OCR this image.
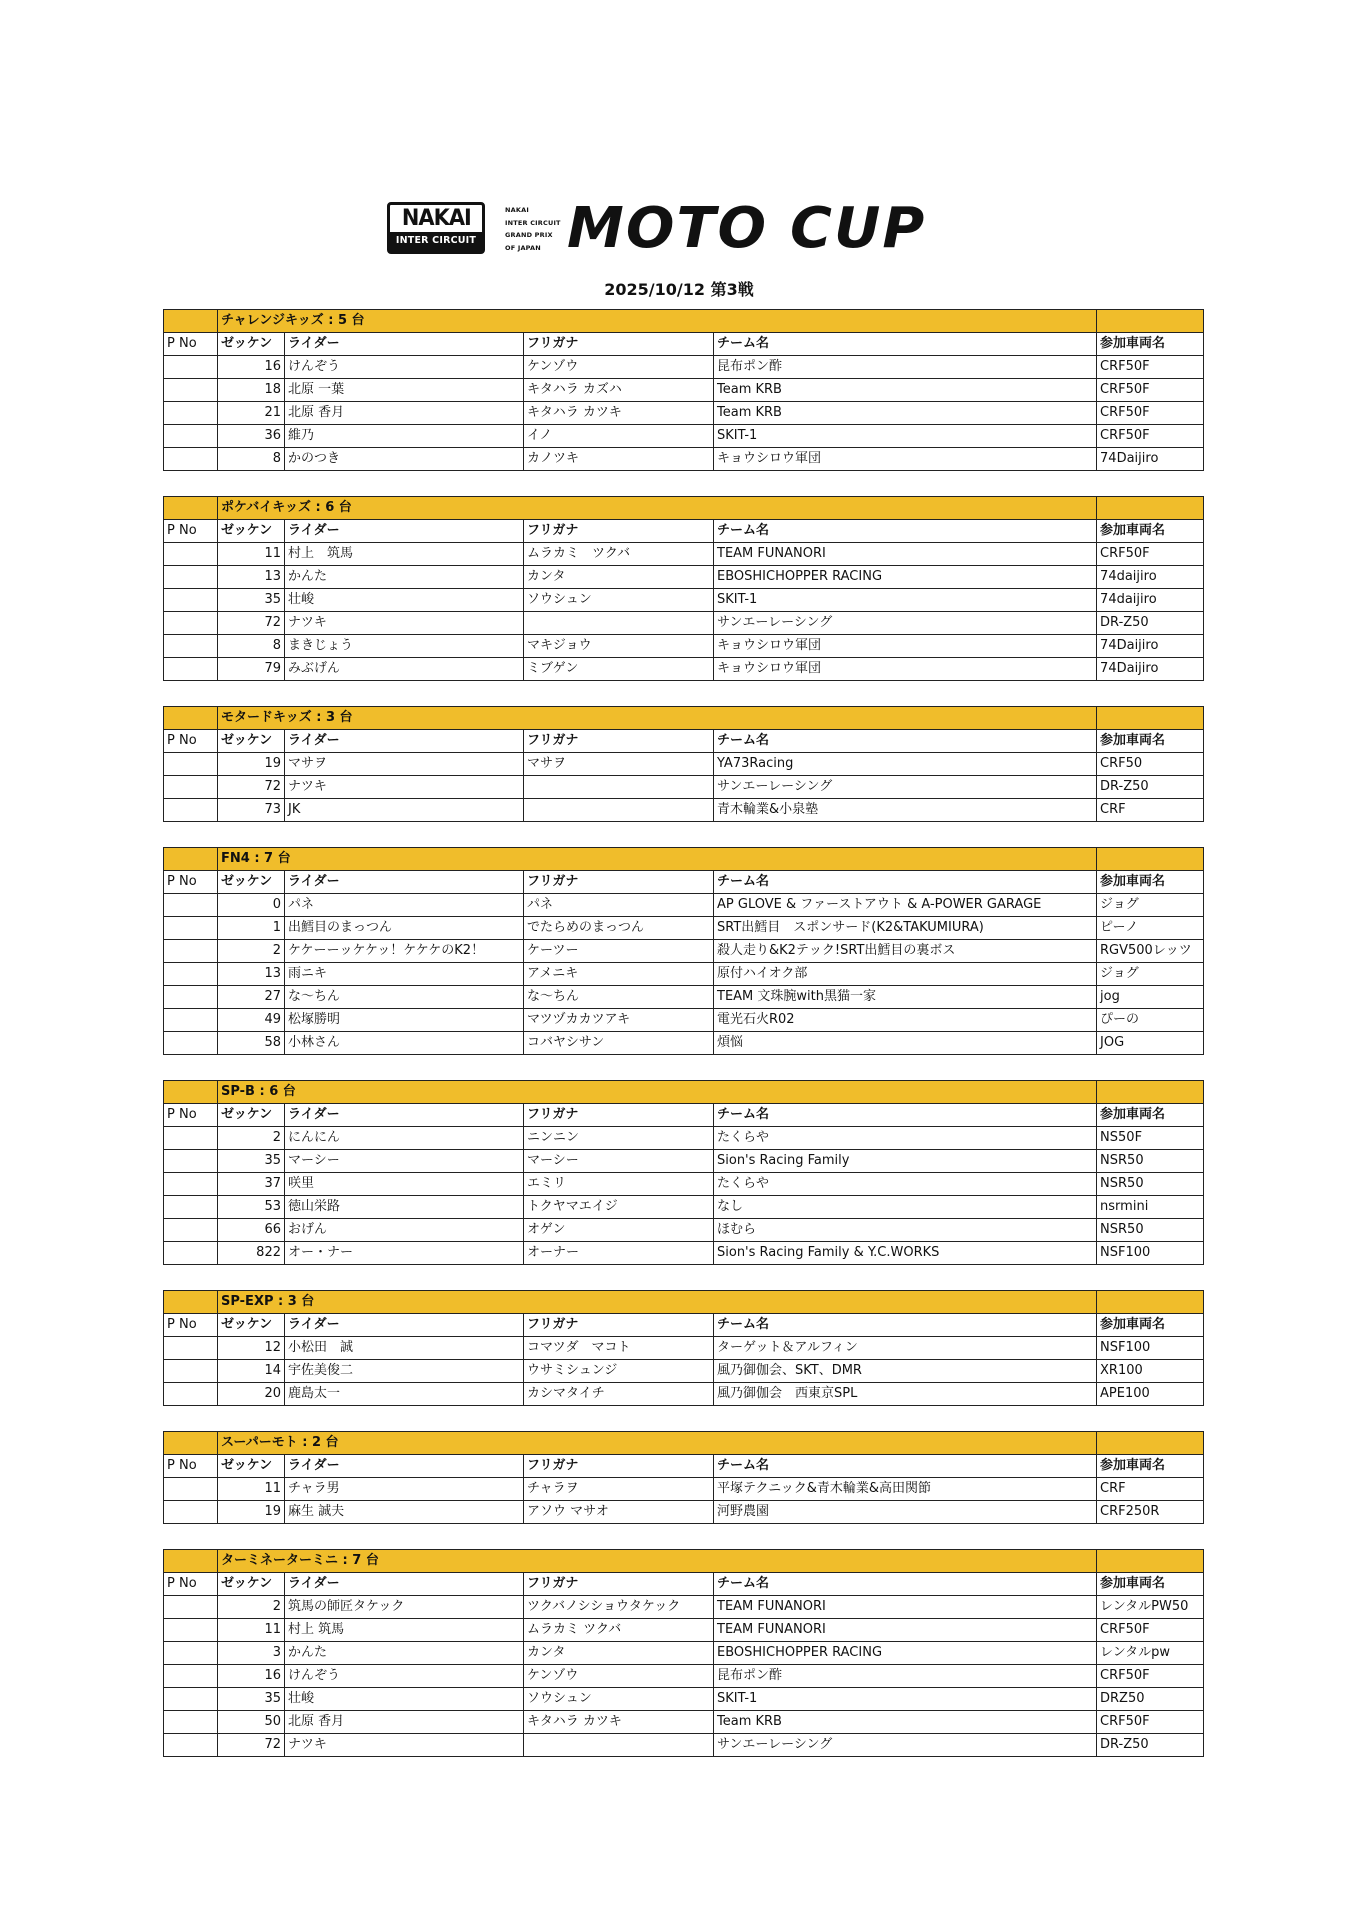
NAKAI
INTER CIRCUIT
NAKAI
INTER CIRCUIT
GRAND PRIX
OF JAPAN MOTO CUP
2025/10/12 第3戦
	チャレンジキッズ : 5 台				
P No	ゼッケン	ライダー	フリガナ	チーム名	参加車両名
	16	けんぞう	ケンゾウ	昆布ポン酢	CRF50F
	18	北原 一葉	キタハラ カズハ	Team KRB	CRF50F
	21	北原 香月	キタハラ カツキ	Team KRB	CRF50F
	36	維乃	イノ	SKIT-1	CRF50F
	8	かのつき	カノツキ	キョウシロウ軍団	74Daijiro
	ポケバイキッズ : 6 台				
P No	ゼッケン	ライダー	フリガナ	チーム名	参加車両名
	11	村上　筑馬	ムラカミ　ツクバ	TEAM FUNANORI	CRF50F
	13	かんた	カンタ	EBOSHICHOPPER RACING	74daijiro
	35	壮峻	ソウシュン	SKIT-1	74daijiro
	72	ナツキ		サンエーレーシング	DR-Z50
	8	まきじょう	マキジョウ	キョウシロウ軍団	74Daijiro
	79	みぶげん	ミブゲン	キョウシロウ軍団	74Daijiro
	モタードキッズ : 3 台				
P No	ゼッケン	ライダー	フリガナ	チーム名	参加車両名
	19	マサヲ	マサヲ	YA73Racing	CRF50
	72	ナツキ		サンエーレーシング	DR-Z50
	73	JK		青木輪業&小泉塾	CRF
	FN4 : 7 台				
P No	ゼッケン	ライダー	フリガナ	チーム名	参加車両名
	0	パネ	パネ	AP GLOVE & ファーストアウト & A-POWER GARAGE	ジョグ
	1	出鱈目のまっつん	でたらめのまっつん	SRT出鱈目　スポンサード(K2&TAKUMIURA)	ピーノ
	2	ケケーーッケケッ！ケケケのK2！	ケーツー	殺人走り&K2テック!SRT出鱈目の裏ボス	RGV500レッツ
	13	雨ニキ	アメニキ	原付ハイオク部	ジョグ
	27	な～ちん	な～ちん	TEAM 文珠腕with黒猫一家	jog
	49	松塚勝明	マツヅカカツアキ	電光石火R02	ぴーの
	58	小林さん	コバヤシサン	煩悩	JOG
	SP-B : 6 台				
P No	ゼッケン	ライダー	フリガナ	チーム名	参加車両名
	2	にんにん	ニンニン	たくらや	NS50F
	35	マーシー	マーシー	Sion's Racing Family	NSR50
	37	咲里	エミリ	たくらや	NSR50
	53	徳山栄路	トクヤマエイジ	なし	nsrmini
	66	おげん	オゲン	ほむら	NSR50
	822	オー・ナー	オーナー	Sion's Racing Family & Y.C.WORKS	NSF100
	SP-EXP : 3 台				
P No	ゼッケン	ライダー	フリガナ	チーム名	参加車両名
	12	小松田　誠	コマツダ　マコト	ターゲット＆アルフィン	NSF100
	14	宇佐美俊二	ウサミシュンジ	風乃御伽会、SKT、DMR	XR100
	20	鹿島太一	カシマタイチ	風乃御伽会　西東京SPL	APE100
	スーパーモト : 2 台				
P No	ゼッケン	ライダー	フリガナ	チーム名	参加車両名
	11	チャラ男	チャラヲ	平塚テクニック&青木輪業&高田関節	CRF
	19	麻生 誠夫	アソウ マサオ	河野農園	CRF250R
	ターミネーターミニ : 7 台				
P No	ゼッケン	ライダー	フリガナ	チーム名	参加車両名
	2	筑馬の師匠タケック	ツクバノシショウタケック	TEAM FUNANORI	レンタルPW50
	11	村上 筑馬	ムラカミ ツクバ	TEAM FUNANORI	CRF50F
	3	かんた	カンタ	EBOSHICHOPPER RACING	レンタルpw
	16	けんぞう	ケンゾウ	昆布ポン酢	CRF50F
	35	壮峻	ソウシュン	SKIT-1	DRZ50
	50	北原 香月	キタハラ カツキ	Team KRB	CRF50F
	72	ナツキ		サンエーレーシング	DR-Z50
